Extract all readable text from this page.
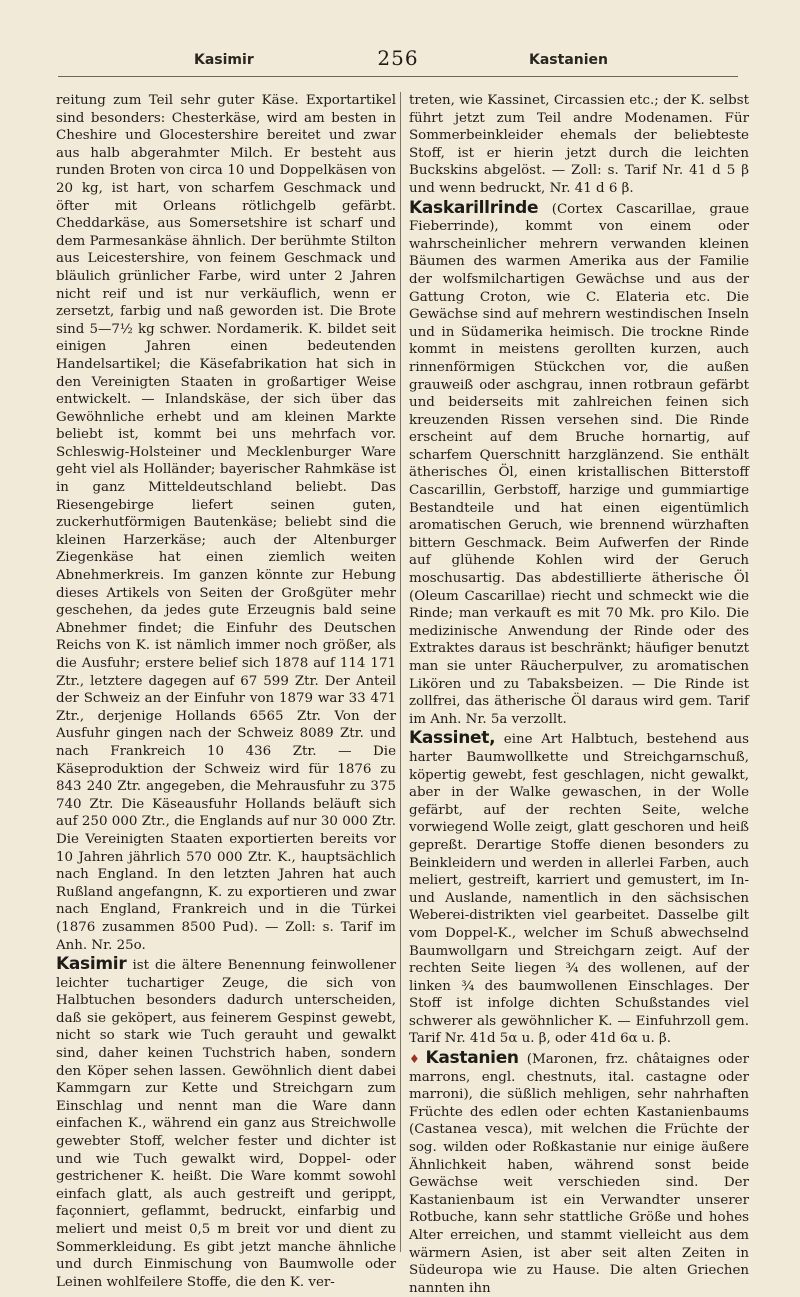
Kasimir	256	Kastanien

reitung zum Teil sehr guter Käse. Exportartikel sind besonders: Chesterkäse, wird am besten in Cheshire und Glocestershire bereitet und zwar aus halb abgerahmter Milch. Er besteht aus runden Broten von circa 10 und Doppelkäsen von 20 kg, ist hart, von scharfem Geschmack und öfter mit Orleans rötlichgelb gefärbt. Cheddarkäse, aus Somersetshire ist scharf und dem Parmesankäse ähnlich. Der berühmte Stilton aus Leicestershire, von feinem Geschmack und bläulich grünlicher Farbe, wird unter 2 Jahren nicht reif und ist nur verkäuflich, wenn er zersetzt, farbig und naß geworden ist. Die Brote sind 5—7½ kg schwer. Nordamerik. K. bildet seit einigen Jahren einen bedeutenden Handelsartikel; die Käsefabrikation hat sich in den Vereinigten Staaten in großartiger Weise entwickelt. — Inlandskäse, der sich über das Gewöhnliche erhebt und am kleinen Markte beliebt ist, kommt bei uns mehrfach vor. Schleswig-Holsteiner und Mecklenburger Ware geht viel als Holländer; bayerischer Rahmkäse ist in ganz Mitteldeutschland beliebt. Das Riesengebirge liefert seinen guten, zuckerhutförmigen Bautenkäse; beliebt sind die kleinen Harzerkäse; auch der Altenburger Ziegenkäse hat einen ziemlich weiten Abnehmerkreis. Im ganzen könnte zur Hebung dieses Artikels von Seiten der Großgüter mehr geschehen, da jedes gute Erzeugnis bald seine Abnehmer findet; die Einfuhr des Deutschen Reichs von K. ist nämlich immer noch größer, als die Ausfuhr; erstere belief sich 1878 auf 114 171 Ztr., letztere dagegen auf 67 599 Ztr. Der Anteil der Schweiz an der Einfuhr von 1879 war 33 471 Ztr., derjenige Hollands 6565 Ztr. Von der Ausfuhr gingen nach der Schweiz 8089 Ztr. und nach Frankreich 10 436 Ztr. — Die Käseproduktion der Schweiz wird für 1876 zu 843 240 Ztr. angegeben, die Mehrausfuhr zu 375 740 Ztr. Die Käseausfuhr Hollands beläuft sich auf 250 000 Ztr., die Englands auf nur 30 000 Ztr. Die Vereinigten Staaten exportierten bereits vor 10 Jahren jährlich 570 000 Ztr. K., hauptsächlich nach England. In den letzten Jahren hat auch Rußland angefangnn, K. zu exportieren und zwar nach England, Frankreich und in die Türkei (1876 zusammen 8500 Pud). — Zoll: s. Tarif im Anh. Nr. 25o.

Kasimir ist die ältere Benennung feinwollener leichter tuchartiger Zeuge, die sich von Halbtuchen besonders dadurch unterscheiden, daß sie geköpert, aus feinerem Gespinst gewebt, nicht so stark wie Tuch gerauht und gewalkt sind, daher keinen Tuchstrich haben, sondern den Köper sehen lassen. Gewöhnlich dient dabei Kammgarn zur Kette und Streichgarn zum Einschlag und nennt man die Ware dann einfachen K., während ein ganz aus Streichwolle gewebter Stoff, welcher fester und dichter ist und wie Tuch gewalkt wird, Doppel- oder gestrichener K. heißt. Die Ware kommt sowohl einfach glatt, als auch gestreift und gerippt, façonniert, geflammt, bedruckt, einfarbig und meliert und meist 0,5 m breit vor und dient zu Sommerkleidung. Es gibt jetzt manche ähnliche und durch Einmischung von Baumwolle oder Leinen wohlfeilere Stoffe, die den K. ver-

treten, wie Kassinet, Circassien etc.; der K. selbst führt jetzt zum Teil andre Modenamen. Für Sommerbeinkleider ehemals der beliebteste Stoff, ist er hierin jetzt durch die leichten Buckskins abgelöst. — Zoll: s. Tarif Nr. 41 d 5 β und wenn bedruckt, Nr. 41 d 6 β.

Kaskarillrinde (Cortex Cascarillae, graue Fieberrinde), kommt von einem oder wahrscheinlicher mehrern verwanden kleinen Bäumen des warmen Amerika aus der Familie der wolfsmilchartigen Gewächse und aus der Gattung Croton, wie C. Elateria etc. Die Gewächse sind auf mehrern westindischen Inseln und in Südamerika heimisch. Die trockne Rinde kommt in meistens gerollten kurzen, auch rinnenförmigen Stückchen vor, die außen grauweiß oder aschgrau, innen rotbraun gefärbt und beiderseits mit zahlreichen feinen sich kreuzenden Rissen versehen sind. Die Rinde erscheint auf dem Bruche hornartig, auf scharfem Querschnitt harzglänzend. Sie enthält ätherisches Öl, einen kristallischen Bitterstoff Cascarillin, Gerbstoff, harzige und gummiartige Bestandteile und hat einen eigentümlich aromatischen Geruch, wie brennend würzhaften bittern Geschmack. Beim Aufwerfen der Rinde auf glühende Kohlen wird der Geruch moschusartig. Das abdestillierte ätherische Öl (Oleum Cascarillae) riecht und schmeckt wie die Rinde; man verkauft es mit 70 Mk. pro Kilo. Die medizinische Anwendung der Rinde oder des Extraktes daraus ist beschränkt; häufiger benutzt man sie unter Räucherpulver, zu aromatischen Likören und zu Tabaksbeizen. — Die Rinde ist zollfrei, das ätherische Öl daraus wird gem. Tarif im Anh. Nr. 5a verzollt.

Kassinet, eine Art Halbtuch, bestehend aus harter Baumwollkette und Streichgarnschuß, köpertig gewebt, fest geschlagen, nicht gewalkt, aber in der Walke gewaschen, in der Wolle gefärbt, auf der rechten Seite, welche vorwiegend Wolle zeigt, glatt geschoren und heiß gepreßt. Derartige Stoffe dienen besonders zu Beinkleidern und werden in allerlei Farben, auch meliert, gestreift, karriert und gemustert, im In- und Auslande, namentlich in den sächsischen Weberei-distrikten viel gearbeitet. Dasselbe gilt vom Doppel-K., welcher im Schuß abwechselnd Baumwollgarn und Streichgarn zeigt. Auf der rechten Seite liegen ¾ des wollenen, auf der linken ¾ des baumwollenen Einschlages. Der Stoff ist infolge dichten Schußstandes viel schwerer als gewöhnlicher K. — Einfuhrzoll gem. Tarif Nr. 41d 5α u. β, oder 41d 6α u. β.

♦ Kastanien (Maronen, frz. châtaignes oder marrons, engl. chestnuts, ital. castagne oder marroni), die süßlich mehligen, sehr nahrhaften Früchte des edlen oder echten Kastanienbaums (Castanea vesca), mit welchen die Früchte der sog. wilden oder Roßkastanie nur einige äußere Ähnlichkeit haben, während sonst beide Gewächse weit verschieden sind. Der Kastanienbaum ist ein Verwandter unserer Rotbuche, kann sehr stattliche Größe und hohes Alter erreichen, und stammt vielleicht aus dem wärmern Asien, ist aber seit alten Zeiten in Südeuropa wie zu Hause. Die alten Griechen nannten ihn
